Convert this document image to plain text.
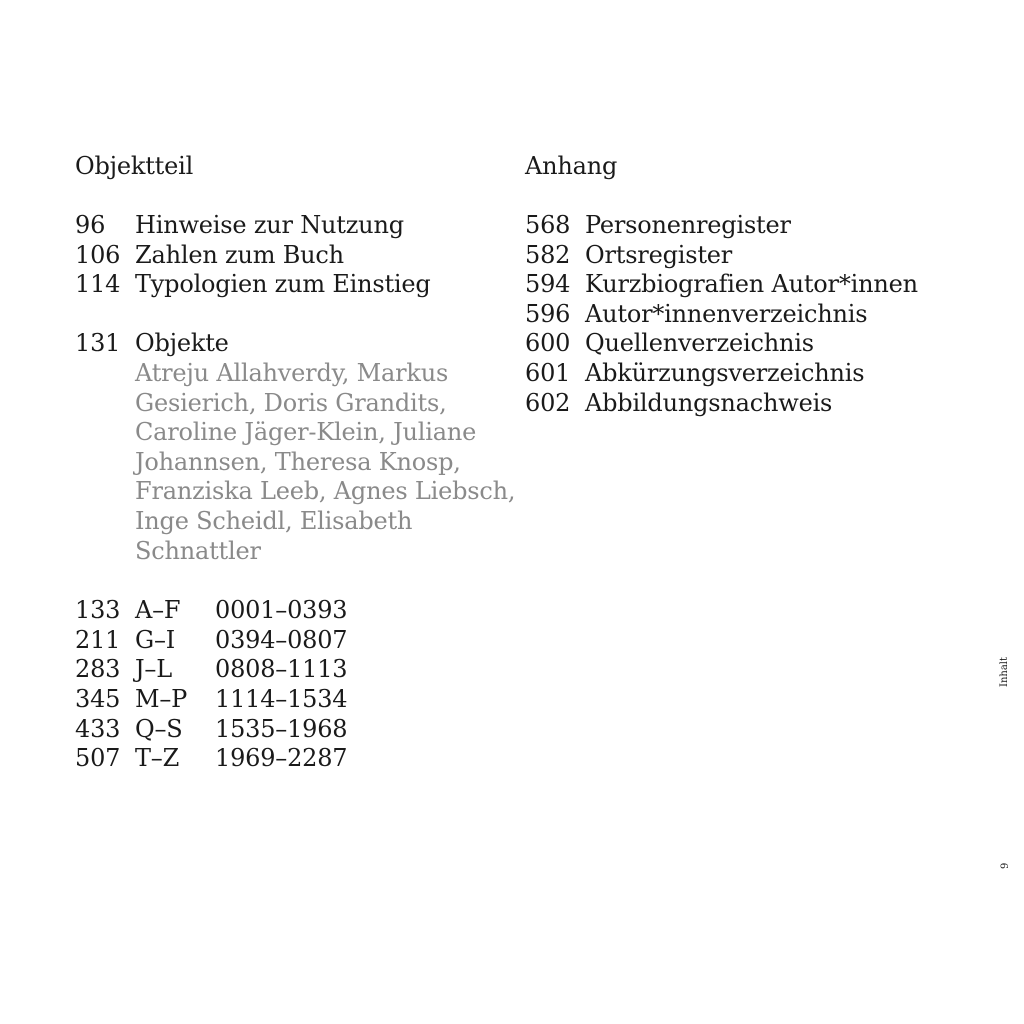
Objektteil
96	Hinweise zur Nutzung
106 Zahlen zum Buch
114 Typologien zum Einstieg
131 Objekte
Atreju Allahverdy, Markus
Gesierich, Doris Grandits,
Caroline Jäger-Klein, Juliane
Johannsen, Theresa Knosp,
Franziska Leeb, Agnes Liebsch,
Inge Scheidl, Elisabeth
Schnattler
133 A–F	0001–0393
211 G–I	0394–0807
283 J–L	0808–1113
345 M–P	1114–1534
433 Q–S	1535–1968
507 T–Z	1969–2287
Anhang
568 Personenregister
582 Ortsregister
594 Kurzbiografien Autor*innen
596 Autor*innenverzeichnis
600 Quellenverzeichnis
601 Abkürzungsverzeichnis
602 Abbildungsnachweis
Inhalt
9
